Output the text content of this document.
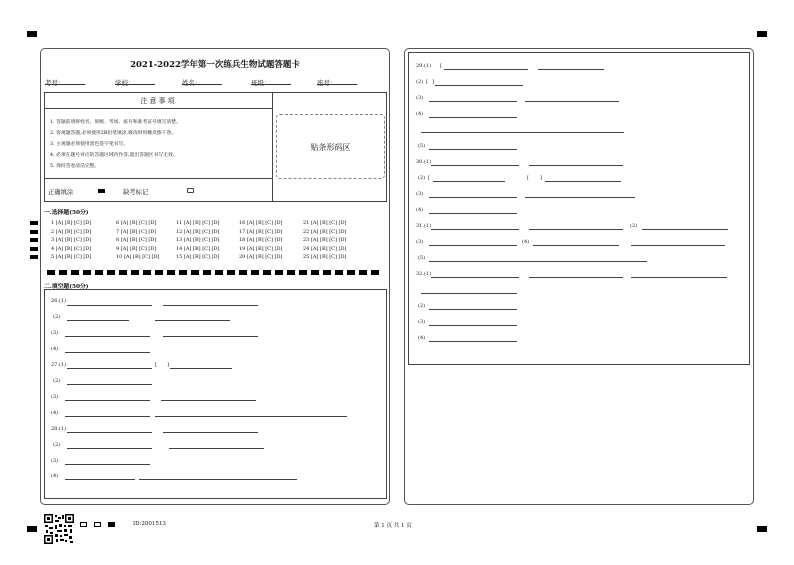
2021-2022学年第一次练兵生物试题答题卡
考号：	学校：	姓名：	班级：	座号：
注意事项
1. 答题前请将姓名、班级、考场、座号和准考证号填写清楚。
2. 客观题答题,必须使用2B铅笔填涂,修改时用橡皮擦干净。
3. 主观题必须使用黑色签字笔书写。
4. 必须在题号对应的答题区域内作答,超出答题区书写无效。
5. 保持答卷清洁完整。
正确填涂	缺考标记
贴条形码区
一.选择题(50分)
二.填空题(50分)
26.(1)
(2)
(3)
(4)
27.(1)	[ ]
(2)
(3)
(4)
28.(1)
(2)
(3)
(4)
1 [A] [B] [C] [D]	6 [A] [B] [C] [D]	11 [A] [B] [C] [D]	16 [A] [B] [C] [D]	21 [A] [B] [C] [D]
2 [A] [B] [C] [D]	7 [A] [B] [C] [D]	12 [A] [B] [C] [D]	17 [A] [B] [C] [D]	22 [A] [B] [C] [D]
3 [A] [B] [C] [D]	8 [A] [B] [C] [D]	13 [A] [B] [C] [D]	18 [A] [B] [C] [D]	23 [A] [B] [C] [D]
4 [A] [B] [C] [D]	9 [A] [B] [C] [D]	14 [A] [B] [C] [D]	19 [A] [B] [C] [D]	24 [A] [B] [C] [D]
5 [A] [B] [C] [D]	10 [A] [B] [C] [D]	15 [A] [B] [C] [D]	20 [A] [B] [C] [D]	25 [A] [B] [C] [D]
29.(1) [
(2) [ ]
(3)
(4)
(5)
30.(1)
(2) [	[ ]
(3)
(4)
31.(1)	(2)
(3)	(4)
(5)
32.(1)
(2)
(3)
(4)
ID:2001513	第 1 页 共 1 页
